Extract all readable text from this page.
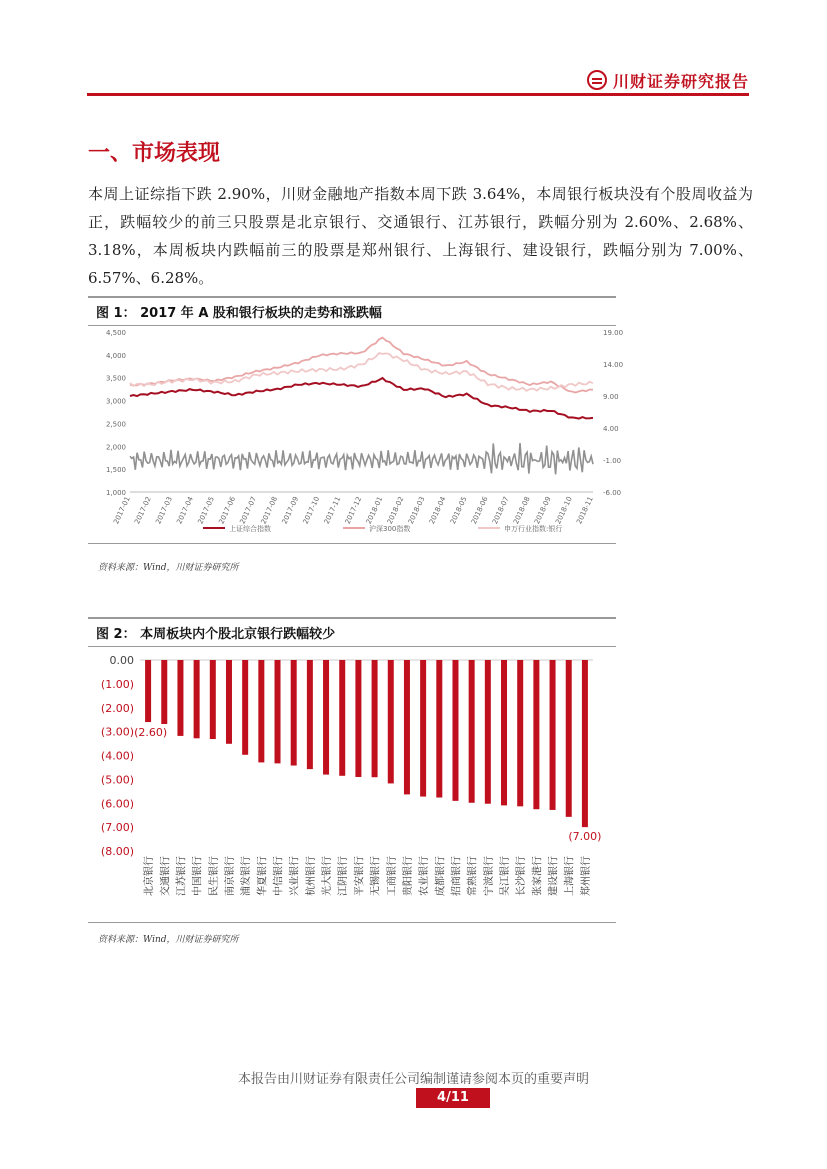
川财证券研究报告
一、市场表现
本周上证综指下跌 2.90%，川财金融地产指数本周下跌 3.64%，本周银行板块没有个股周收益为正，跌幅较少的前三只股票是北京银行、交通银行、江苏银行，跌幅分别为 2.60%、2.68%、3.18%，本周板块内跌幅前三的股票是郑州银行、上海银行、建设银行，跌幅分别为 7.00%、6.57%、6.28%。
图 1： 2017 年 A 股和银行板块的走势和涨跌幅
4,500
4,000
3,500
3,000
2,500
2,000
1,500
1,000
19.00
14.00
9.00
4.00
-1.00
-6.00
2017-01 2017-02 2017-03 2017-04 2017-05 2017-06 2017-07 2017-08 2017-09 2017-10 2017-11 2017-12 2018-01 2018-02 2018-03 2018-04 2018-05 2018-06 2018-07 2018-08 2018-09 2018-10 2018-11
上证综合指数	沪深300指数	申万行业指数:银行
资料来源：Wind，川财证券研究所
图 2： 本周板块内个股北京银行跌幅较少
0.00
(1.00)
(2.00)
(3.00)
(4.00)
(5.00)
(6.00)
(7.00)
(8.00)
北京银行 交通银行 江苏银行 中国银行 民生银行 南京银行 浦发银行 华夏银行 中信银行 兴业银行 杭州银行 光大银行 江阴银行 平安银行 无锡银行 工商银行 贵阳银行 农业银行 成都银行 招商银行 常熟银行 宁波银行 吴江银行 长沙银行 张家港行 建设银行 上海银行 郑州银行
(2.60)
(7.00)
资料来源：Wind，川财证券研究所
本报告由川财证券有限责任公司编制谨请参阅本页的重要声明
4/11
